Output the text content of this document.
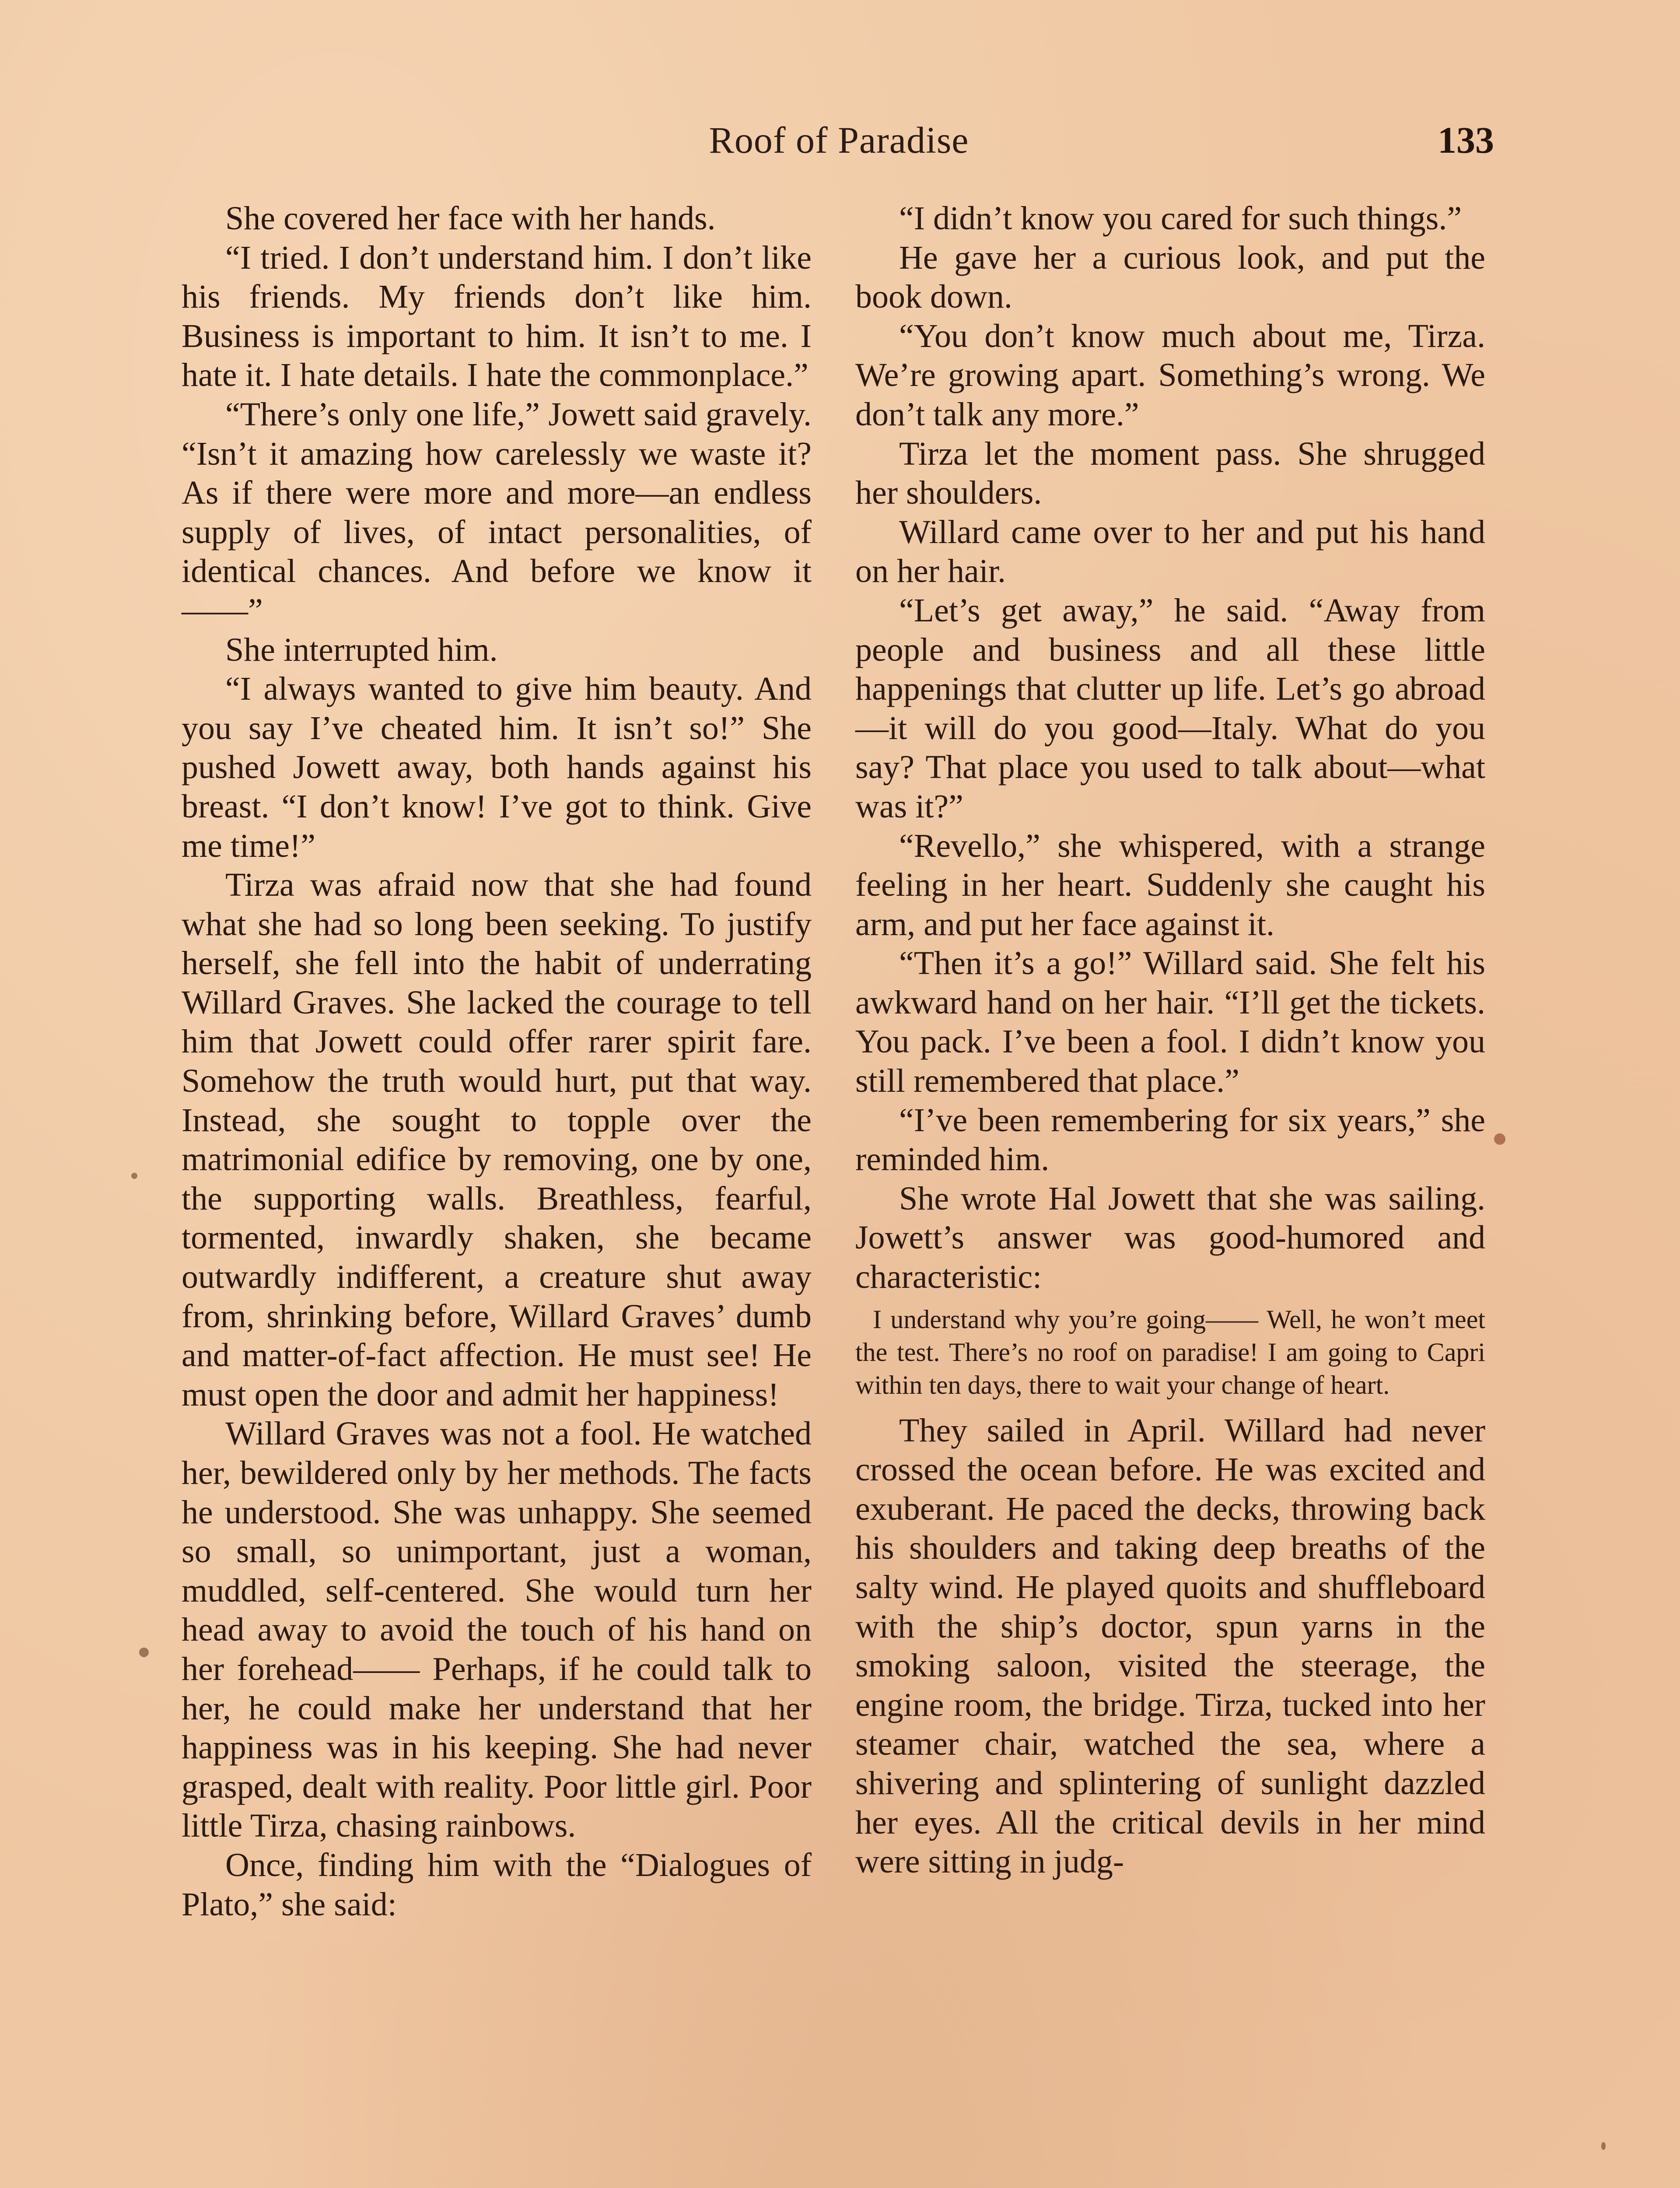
Roof of Paradise	133

She covered her face with her hands.

“I tried. I don’t understand him. I don’t like his friends. My friends don’t like him. Business is important to him. It isn’t to me. I hate it. I hate details. I hate the commonplace.”

“There’s only one life,” Jowett said gravely. “Isn’t it amazing how carelessly we waste it? As if there were more and more—an endless supply of lives, of intact personalities, of identical chances. And before we know it——”

She interrupted him.

“I always wanted to give him beauty. And you say I’ve cheated him. It isn’t so!” She pushed Jowett away, both hands against his breast. “I don’t know! I’ve got to think. Give me time!”

Tirza was afraid now that she had found what she had so long been seeking. To justify herself, she fell into the habit of underrating Willard Graves. She lacked the courage to tell him that Jowett could offer rarer spirit fare. Somehow the truth would hurt, put that way. Instead, she sought to topple over the matrimonial edifice by removing, one by one, the supporting walls. Breathless, fearful, tormented, inwardly shaken, she became outwardly indifferent, a creature shut away from, shrinking before, Willard Graves’ dumb and matter-of-fact affection. He must see! He must open the door and admit her happiness!

Willard Graves was not a fool. He watched her, bewildered only by her methods. The facts he understood. She was unhappy. She seemed so small, so unimportant, just a woman, muddled, self-centered. She would turn her head away to avoid the touch of his hand on her forehead—— Perhaps, if he could talk to her, he could make her understand that her happiness was in his keeping. She had never grasped, dealt with reality. Poor little girl. Poor little Tirza, chasing rainbows.

Once, finding him with the “Dialogues of Plato,” she said:

“I didn’t know you cared for such things.”

He gave her a curious look, and put the book down.

“You don’t know much about me, Tirza. We’re growing apart. Something’s wrong. We don’t talk any more.”

Tirza let the moment pass. She shrugged her shoulders.

Willard came over to her and put his hand on her hair.

“Let’s get away,” he said. “Away from people and business and all these little happenings that clutter up life. Let’s go abroad—it will do you good—Italy. What do you say? That place you used to talk about—what was it?”

“Revello,” she whispered, with a strange feeling in her heart. Suddenly she caught his arm, and put her face against it.

“Then it’s a go!” Willard said. She felt his awkward hand on her hair. “I’ll get the tickets. You pack. I’ve been a fool. I didn’t know you still remembered that place.”

“I’ve been remembering for six years,” she reminded him.

She wrote Hal Jowett that she was sailing. Jowett’s answer was good-humored and characteristic:

I understand why you’re going—— Well, he won’t meet the test. There’s no roof on paradise! I am going to Capri within ten days, there to wait your change of heart.

They sailed in April. Willard had never crossed the ocean before. He was excited and exuberant. He paced the decks, throwing back his shoulders and taking deep breaths of the salty wind. He played quoits and shuffleboard with the ship’s doctor, spun yarns in the smoking saloon, visited the steerage, the engine room, the bridge. Tirza, tucked into her steamer chair, watched the sea, where a shivering and splintering of sunlight dazzled her eyes. All the critical devils in her mind were sitting in judg-
